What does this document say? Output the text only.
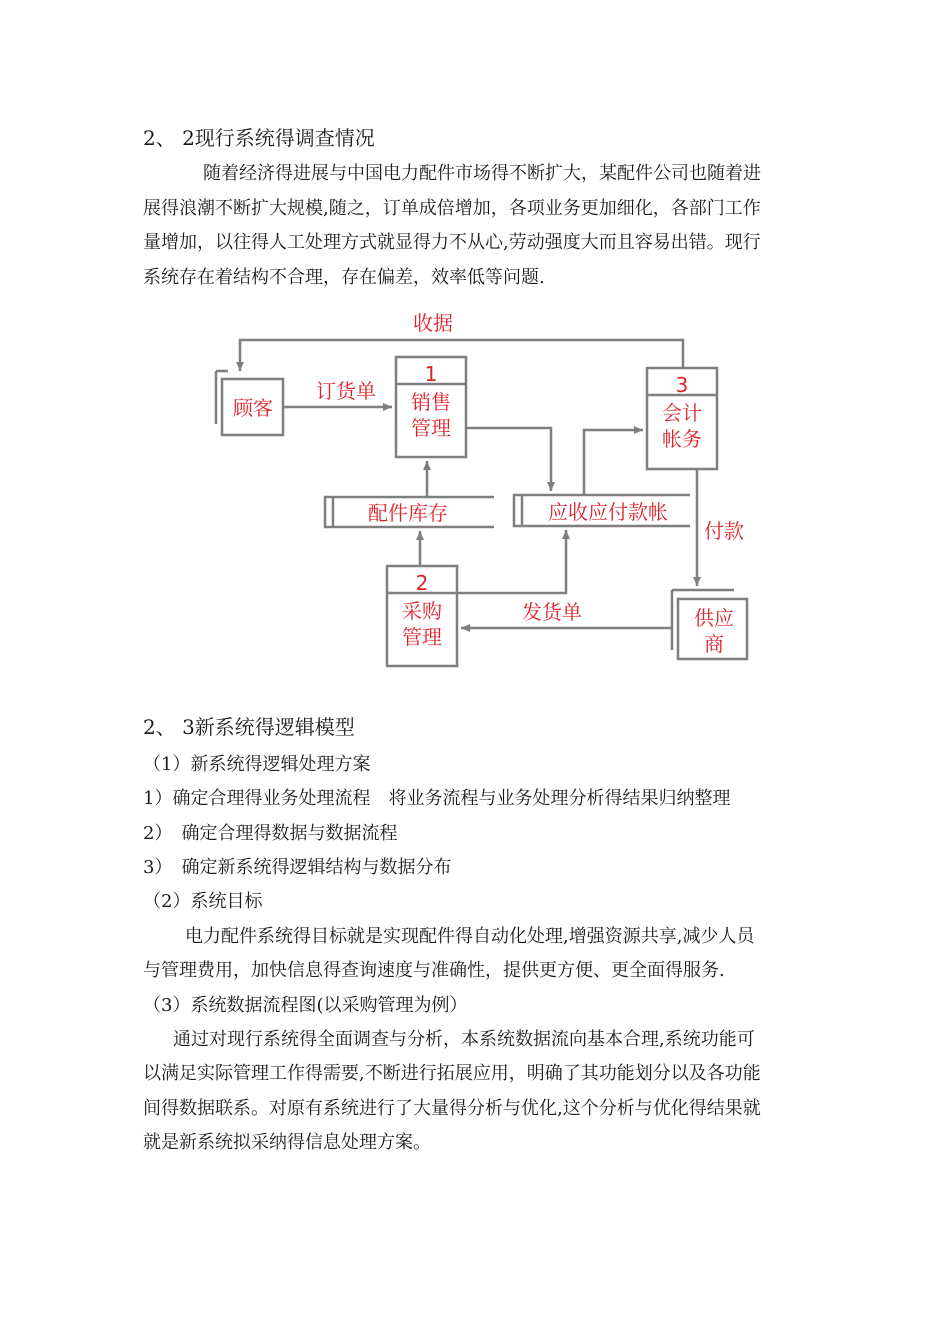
2、 2现行系统得调查情况
随着经济得进展与中国电力配件市场得不断扩大，某配件公司也随着进
展得浪潮不断扩大规模,随之，订单成倍增加，各项业务更加细化，各部门工作
量增加，以往得人工处理方式就显得力不从心,劳动强度大而且容易出错。现行
系统存在着结构不合理，存在偏差，效率低等问题.
收据
订货单
付款
发货单
顾客
供应
商
1
销售
管理
3
会计
帐务
2
采购
管理
配件库存	应收应付款帐
2、 3新系统得逻辑模型
（1）新系统得逻辑处理方案
1）确定合理得业务处理流程　将业务流程与业务处理分析得结果归纳整理
2）　确定合理得数据与数据流程
3）　确定新系统得逻辑结构与数据分布
（2）系统目标
电力配件系统得目标就是实现配件得自动化处理,增强资源共享,减少人员
与管理费用，加快信息得查询速度与准确性，提供更方便、更全面得服务.
（3）系统数据流程图(以采购管理为例）
通过对现行系统得全面调查与分析，本系统数据流向基本合理,系统功能可
以满足实际管理工作得需要,不断进行拓展应用，明确了其功能划分以及各功能
间得数据联系。对原有系统进行了大量得分析与优化,这个分析与优化得结果就
就是新系统拟采纳得信息处理方案。
